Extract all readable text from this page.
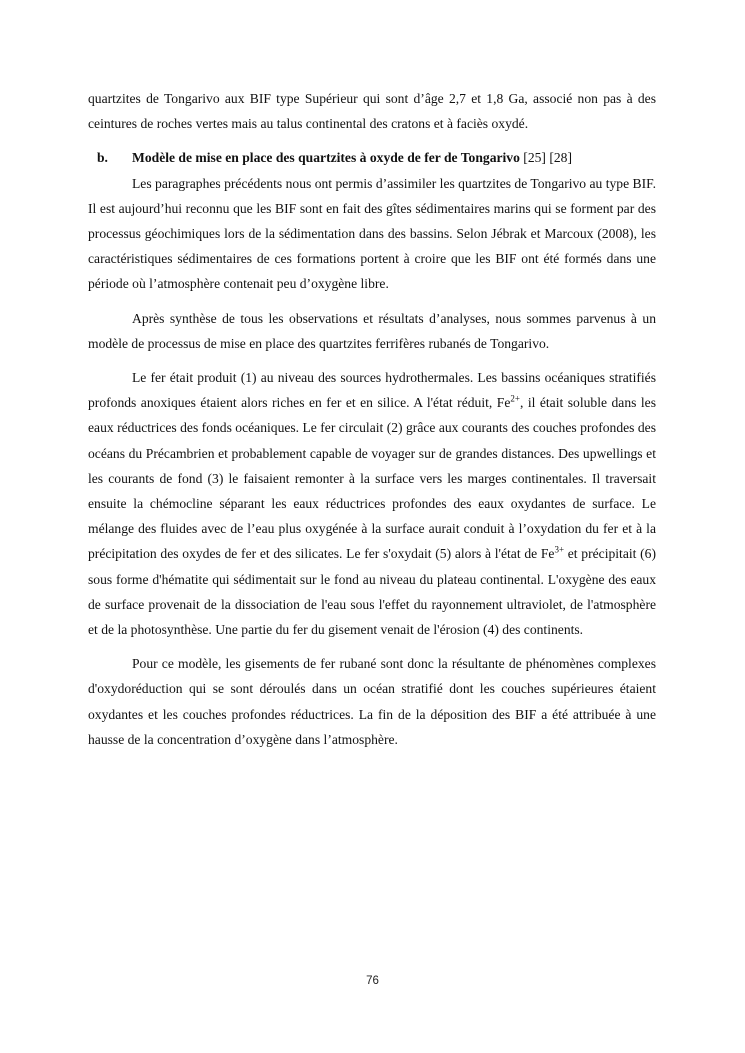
quartzites de Tongarivo aux BIF type Supérieur qui sont d’âge 2,7 et 1,8 Ga, associé non pas à des ceintures de roches vertes mais au talus continental des cratons et à faciès oxydé.

b. Modèle de mise en place des quartzites à oxyde de fer de Tongarivo [25] [28]

Les paragraphes précédents nous ont permis d’assimiler les quartzites de Tongarivo au type BIF. Il est aujourd’hui reconnu que les BIF sont en fait des gîtes sédimentaires marins qui se forment par des processus géochimiques lors de la sédimentation dans des bassins. Selon Jébrak et Marcoux (2008), les caractéristiques sédimentaires de ces formations portent à croire que les BIF ont été formés dans une période où l’atmosphère contenait peu d’oxygène libre.

Après synthèse de tous les observations et résultats d’analyses, nous sommes parvenus à un modèle de processus de mise en place des quartzites ferrifères rubanés de Tongarivo.

Le fer était produit (1) au niveau des sources hydrothermales. Les bassins océaniques stratifiés profonds anoxiques étaient alors riches en fer et en silice. A l'état réduit, $Fe^{2+}$, il était soluble dans les eaux réductrices des fonds océaniques. Le fer circulait (2) grâce aux courants des couches profondes des océans du Précambrien et probablement capable de voyager sur de grandes distances. Des upwellings et les courants de fond (3) le faisaient remonter à la surface vers les marges continentales. Il traversait ensuite la chémocline séparant les eaux réductrices profondes des eaux oxydantes de surface. Le mélange des fluides avec de l’eau plus oxygénée à la surface aurait conduit à l’oxydation du fer et à la précipitation des oxydes de fer et des silicates. Le fer s'oxydait (5) alors à l'état de $Fe^{3+}$ et précipitait (6) sous forme d'hématite qui sédimentait sur le fond au niveau du plateau continental. L'oxygène des eaux de surface provenait de la dissociation de l'eau sous l'effet du rayonnement ultraviolet, de l'atmosphère et de la photosynthèse. Une partie du fer du gisement venait de l'érosion (4) des continents.

Pour ce modèle, les gisements de fer rubané sont donc la résultante de phénomènes complexes d'oxydoréduction qui se sont déroulés dans un océan stratifié dont les couches supérieures étaient oxydantes et les couches profondes réductrices. La fin de la déposition des BIF a été attribuée à une hausse de la concentration d’oxygène dans l’atmosphère.

76
